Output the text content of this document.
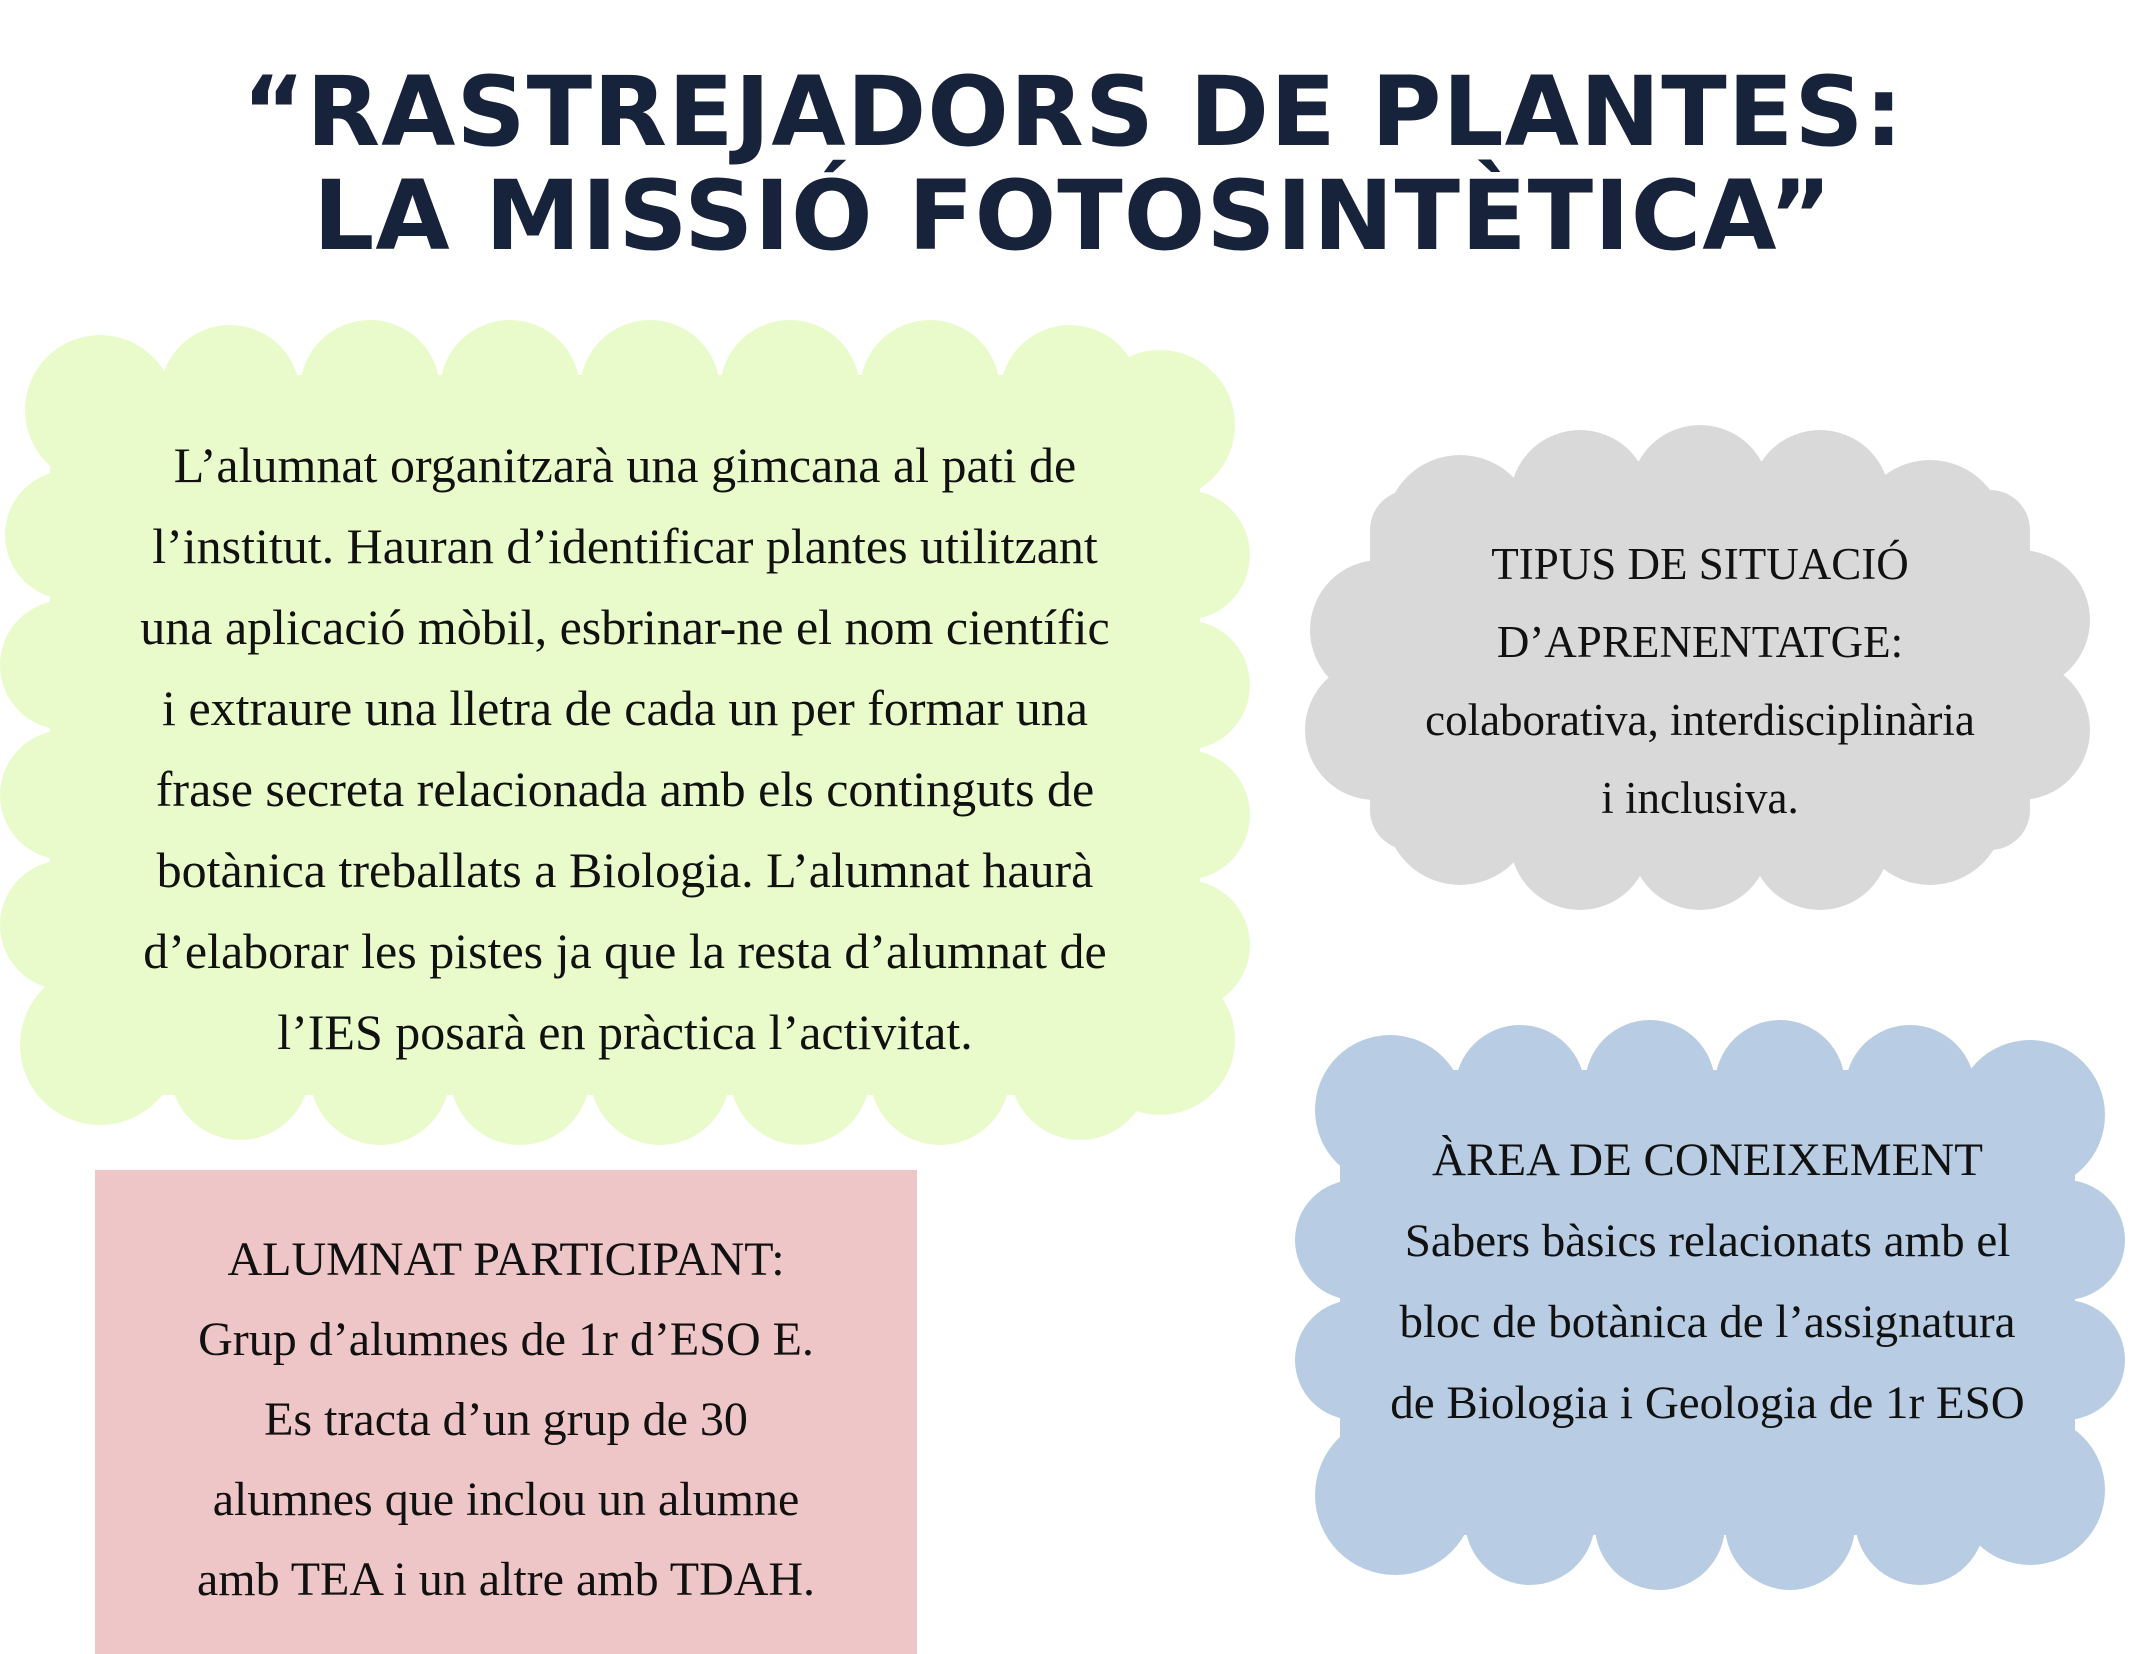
“RASTREJADORS DE PLANTES:
LA MISSIÓ FOTOSINTÈTICA”
L’alumnat organitzarà una gimcana al pati de
l’institut. Hauran d’identificar plantes utilitzant
una aplicació mòbil, esbrinar-ne el nom científic
i extraure una lletra de cada un per formar una
frase secreta relacionada amb els continguts de
botànica treballats a Biologia. L’alumnat haurà
d’elaborar les pistes ja que la resta d’alumnat de
l’IES posarà en pràctica l’activitat.
TIPUS DE SITUACIÓ
D’APRENENTATGE:
colaborativa, interdisciplinària
i inclusiva.
ÀREA DE CONEIXEMENT
Sabers bàsics relacionats amb el
bloc de botànica de l’assignatura
de Biologia i Geologia de 1r ESO
ALUMNAT PARTICIPANT:
Grup d’alumnes de 1r d’ESO E.
Es tracta d’un grup de 30
alumnes que inclou un alumne
amb TEA i un altre amb TDAH.
